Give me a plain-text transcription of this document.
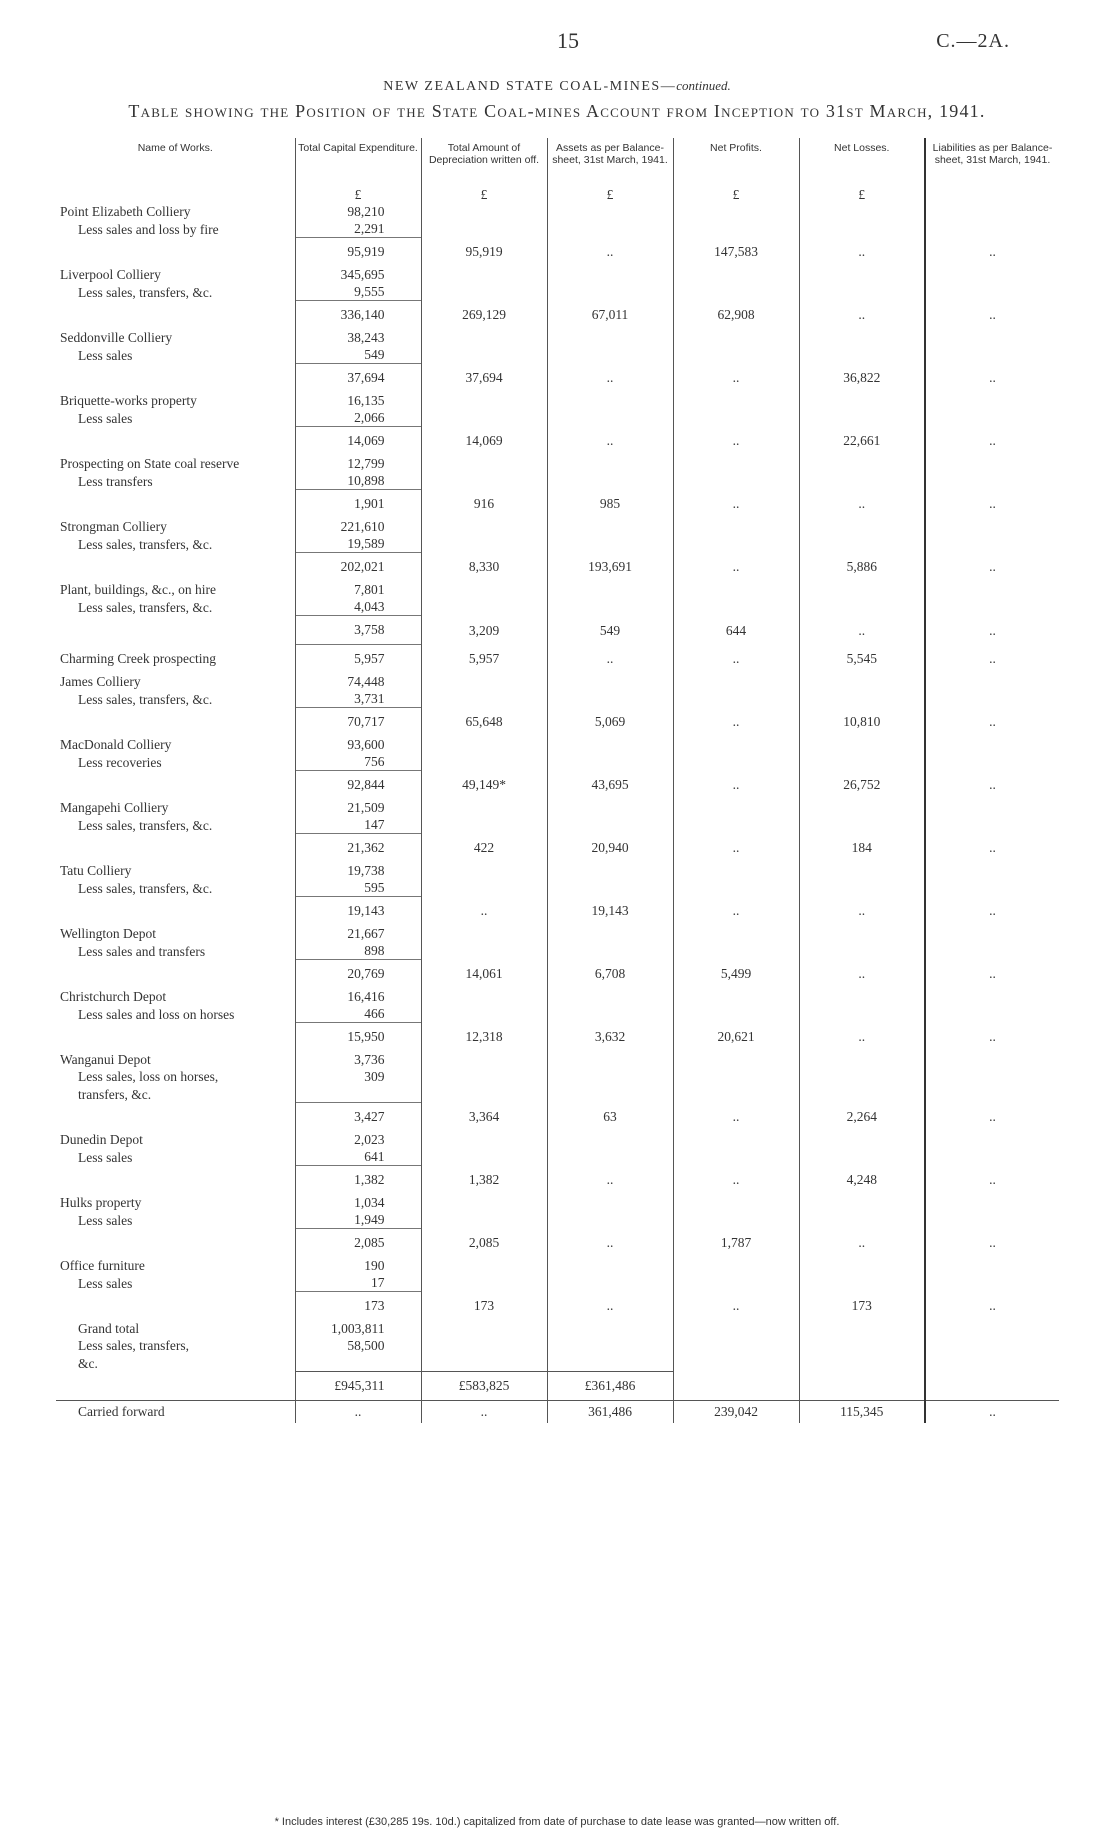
15	C.—2A.
NEW ZEALAND STATE COAL-MINES—continued.
Table showing the Position of the State Coal-mines Account from Inception to 31st March, 1941.
Name of Works.	Total Capital Expenditure.	Total Amount of Depreciation written off.	Assets as per Balance-sheet, 31st March, 1941.	Net Profits.	Net Losses.	Liabilities as per Balance-sheet, 31st March, 1941.
	£	£	£	£	£	
Point Elizabeth Colliery	98,210					
Less sales and loss by fire	2,291					
	95,919	95,919	..	147,583	..	..
Liverpool Colliery	345,695					
Less sales, transfers, &c.	9,555					
	336,140	269,129	67,011	62,908	..	..
Seddonville Colliery	38,243					
Less sales	549					
	37,694	37,694	..	..	36,822	..
Briquette-works property	16,135					
Less sales	2,066					
	14,069	14,069	..	..	22,661	..
Prospecting on State coal reserve	12,799					
Less transfers	10,898					
	1,901	916	985	..	..	..
Strongman Colliery	221,610					
Less sales, transfers, &c.	19,589					
	202,021	8,330	193,691	..	5,886	..
Plant, buildings, &c., on hire	7,801					
Less sales, transfers, &c.	4,043					
	3,758	3,209	549	644	..	..
Charming Creek prospecting	5,957	5,957	..	..	5,545	..
James Colliery	74,448					
Less sales, transfers, &c.	3,731					
	70,717	65,648	5,069	..	10,810	..
MacDonald Colliery	93,600					
Less recoveries	756					
	92,844	49,149*	43,695	..	26,752	..
Mangapehi Colliery	21,509					
Less sales, transfers, &c.	147					
	21,362	422	20,940	..	184	..
Tatu Colliery	19,738					
Less sales, transfers, &c.	595					
	19,143	..	19,143	..	..	..
Wellington Depot	21,667					
Less sales and transfers	898					
	20,769	14,061	6,708	5,499	..	..
Christchurch Depot	16,416					
Less sales and loss on horses	466					
	15,950	12,318	3,632	20,621	..	..
Wanganui Depot	3,736					
Less sales, loss on horses,	309					
transfers, &c.						
	3,427	3,364	63	..	2,264	..
Dunedin Depot	2,023					
Less sales	641					
	1,382	1,382	..	..	4,248	..
Hulks property	1,034					
Less sales	1,949					
	2,085	2,085	..	1,787	..	..
Office furniture	190					
Less sales	17					
	173	173	..	..	173	..
Grand total	1,003,811					
Less sales, transfers,	58,500					
&c.						
	£945,311	£583,825	£361,486			
Carried forward	..	..	361,486	239,042	115,345	..
* Includes interest (£30,285 19s. 10d.) capitalized from date of purchase to date lease was granted—now written off.
